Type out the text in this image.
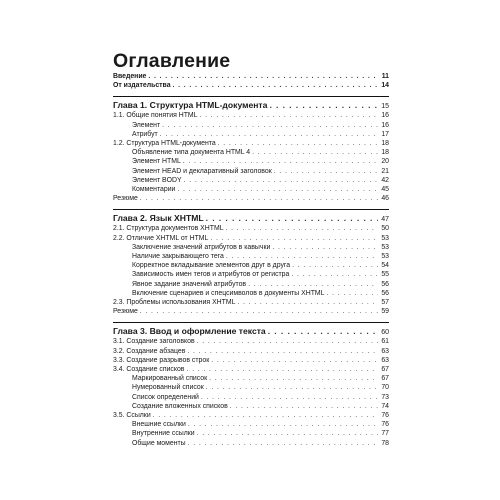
Оглавление
Введение . . .	11
От издательства . . .	14
Глава 1. Структура HTML-документа . . .	15
1.1. Общие понятия HTML . . .	16
Элемент . . .	16
Атрибут . . .	17
1.2. Структура HTML-документа . . .	18
Объявление типа документа HTML 4 . . .	18
Элемент HTML . . .	20
Элемент HEAD и декларативный заголовок . . .	21
Элемент BODY . . .	42
Комментарии . . .	45
Резюме . . .	46
Глава 2. Язык XHTML . . .	47
2.1. Структура документов XHTML . . .	50
2.2. Отличие XHTML от HTML . . .	53
Заключение значений атрибутов в кавычки . . .	53
Наличие закрывающего тега . . .	53
Корректное вкладывание элементов друг в друга . . .	54
Зависимость имен тегов и атрибутов от регистра . . .	55
Явное задание значений атрибутов . . .	56
Включение сценариев и спецсимволов в документы XHTML . . .	56
2.3. Проблемы использования XHTML . . .	57
Резюме . . .	59
Глава 3. Ввод и оформление текста . . .	60
3.1. Создание заголовков . . .	61
3.2. Создание абзацев . . .	63
3.3. Создание разрывов строк . . .	63
3.4. Создание списков . . .	67
Маркированный список . . .	67
Нумерованный список . . .	70
Список определений . . .	73
Создание вложенных списков . . .	74
3.5. Ссылки . . .	76
Внешние ссылки . . .	76
Внутренние ссылки . . .	77
Общие моменты . . .	78
